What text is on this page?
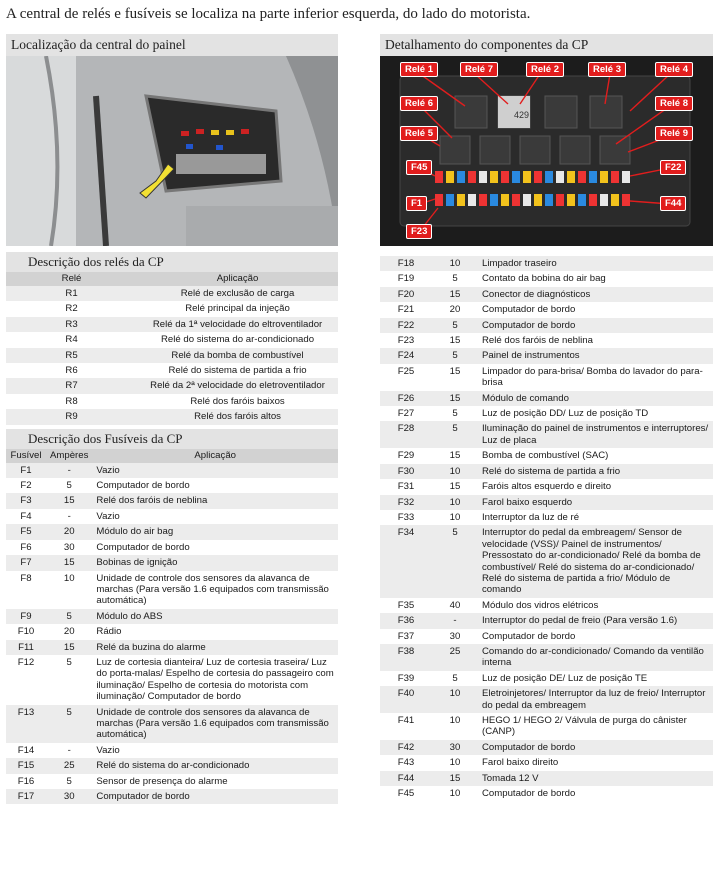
A central de relés e fusíveis se localiza na parte inferior esquerda, do lado do motorista.
Localização da central do painel
Descrição dos relés da CP
Relé	Aplicação
R1	Relé de exclusão de carga
R2	Relé principal da injeção
R3	Relé da 1ª velocidade do eltroventilador
R4	Relé do sistema do ar-condicionado
R5	Relé da bomba de combustível
R6	Relé do sistema de partida a frio
R7	Relé da 2ª velocidade do eletroventilador
R8	Relé dos faróis baixos
R9	Relé dos faróis altos
Descrição dos Fusíveis da CP
Fusível	Ampères	Aplicação
F1	-	Vazio
F2	5	Computador de bordo
F3	15	Relé dos faróis de neblina
F4	-	Vazio
F5	20	Módulo do air bag
F6	30	Computador de bordo
F7	15	Bobinas de ignição
F8	10	Unidade de controle dos sensores da alavanca de marchas (Para versão 1.6 equipados com transmissão automática)
F9	5	Módulo do ABS
F10	20	Rádio
F11	15	Relé da buzina do alarme
F12	5	Luz de cortesia dianteira/ Luz de cortesia traseira/ Luz do porta-malas/ Espelho de cortesia do passageiro com iluminação/ Espelho de cortesia do motorista com iluminação/ Computador de bordo
F13	5	Unidade de controle dos sensores da alavanca de marchas (Para versão 1.6 equipados com transmissão automática)
F14	-	Vazio
F15	25	Relé do sistema do ar-condicionado
F16	5	Sensor de presença do alarme
F17	30	Computador de bordo
Detalhamento do componentes da CP
429
Relé 1	Relé 7	Relé 2	Relé 3	Relé 4
Relé 6	Relé 8
Relé 5	Relé 9
F45	F22
F1	F44
F23
F18	10	Limpador traseiro
F19	5	Contato da bobina do air bag
F20	15	Conector de diagnósticos
F21	20	Computador de bordo
F22	5	Computador de bordo
F23	15	Relé dos faróis de neblina
F24	5	Painel de instrumentos
F25	15	Limpador do para-brisa/ Bomba do lavador do para-brisa
F26	15	Módulo de comando
F27	5	Luz de posição DD/ Luz de posição TD
F28	5	Iluminação do painel de instrumentos e interruptores/ Luz de placa
F29	15	Bomba de combustível (SAC)
F30	10	Relé do sistema de partida a frio
F31	15	Faróis altos esquerdo e direito
F32	10	Farol baixo esquerdo
F33	10	Interruptor da luz de ré
F34	5	Interruptor do pedal da embreagem/ Sensor de velocidade (VSS)/ Painel de instrumentos/ Pressostato do ar-condicionado/ Relé da bomba de combustível/ Relé do sistema do ar-condicionado/ Relé do sistema de partida a frio/ Módulo de comando
F35	40	Módulo dos vidros elétricos
F36	-	Interruptor do pedal de freio (Para versão 1.6)
F37	30	Computador de bordo
F38	25	Comando do ar-condicionado/ Comando da ventilão interna
F39	5	Luz de posição DE/ Luz de posição TE
F40	10	Eletroinjetores/ Interruptor da luz de freio/ Interruptor do pedal da embreagem
F41	10	HEGO 1/ HEGO 2/ Válvula de purga do cânister (CANP)
F42	30	Computador de bordo
F43	10	Farol baixo direito
F44	15	Tomada 12 V
F45	10	Computador de bordo
